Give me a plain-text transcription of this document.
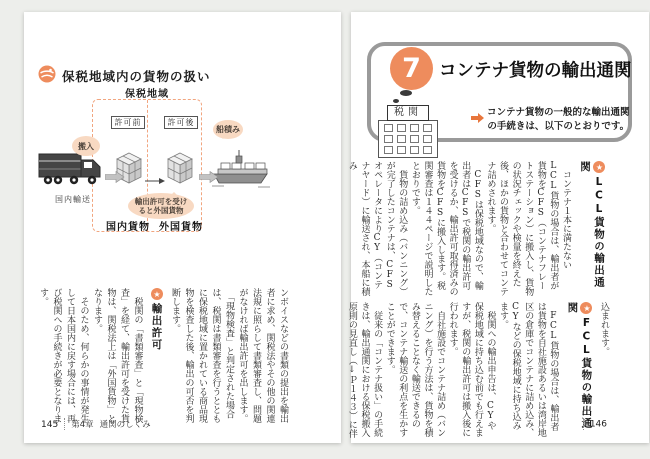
保税地域内の貨物の扱い
保税地域
許可前	許可後
国内貨物 外国貨物
国内輸送
搬入
船積み
輸出許可を受け
ると外国貨物

ンボイスなどの書類の提出を輸出者に求め、関税法やその他の関連法規に照らして書類審査し、問題がなければ輸出許可を出します。

　「現物検査」と判定された場合は、税関は書類審査を行うとともに保税地域に置かれている商品現物を検査した後、輸出の可否を判断します。

★輸出許可

　税関の「書類審査」と「現物検査」を経て、輸出許可を受けた貨物は、関税法上は「外国貨物」となります。

　そのため、何らかの事情が発生して日本国内に戻す場合には、再び税関への手続きが必要となります。

145 第4章 通関のしくみ
7	コンテナ貨物の輸出通関
コンテナ貨物の一般的な輸出通関
の手続きは、以下のとおりです。
税関
★LCL貨物の輸出通関

　コンテナ１本に満たないLCL貨物の場合は、輸出者が貨物をCFS（コンテナフレートステーション）に搬入し、貨物の状況チェックや検量を終えた後、ほかの貨物と合わせてコンテナ詰めされます。

　CFSは保税地域なので、輸出者はCFSで税関の輸出許可を受けるか、輸出許可取得済みの貨物をCFSに搬入します。税関審査は１４４ページで説明したとおりです。

　貨物の詰め込み（バンニング）が完了したコンテナは、CFSオペレータによりCY（コンテナヤード）に輸送され、本船に積み

込まれます。

★FCL貨物の輸出通関

　FCL貨物の場合は、輸出者は貨物を自社施設あるいは湾岸地区の倉庫でコンテナに詰め込み、CYなどの保税地域に持ち込みます。

　税関への輸出申告は、CYや保税地域に持ち込む前でも行えますが、税関の輸出許可は搬入後に行われます。

　自社施設でコンテナ詰め（バンニング）を行う方法は、貨物を積み替えることなく輸送できるので、コンテナ輸送の利点を生かすことができます。

　従来の「コンテナ扱い」の手続きは、輸出通関における保税搬入原則の見直し（↓Ｐ１４３）に伴	146
